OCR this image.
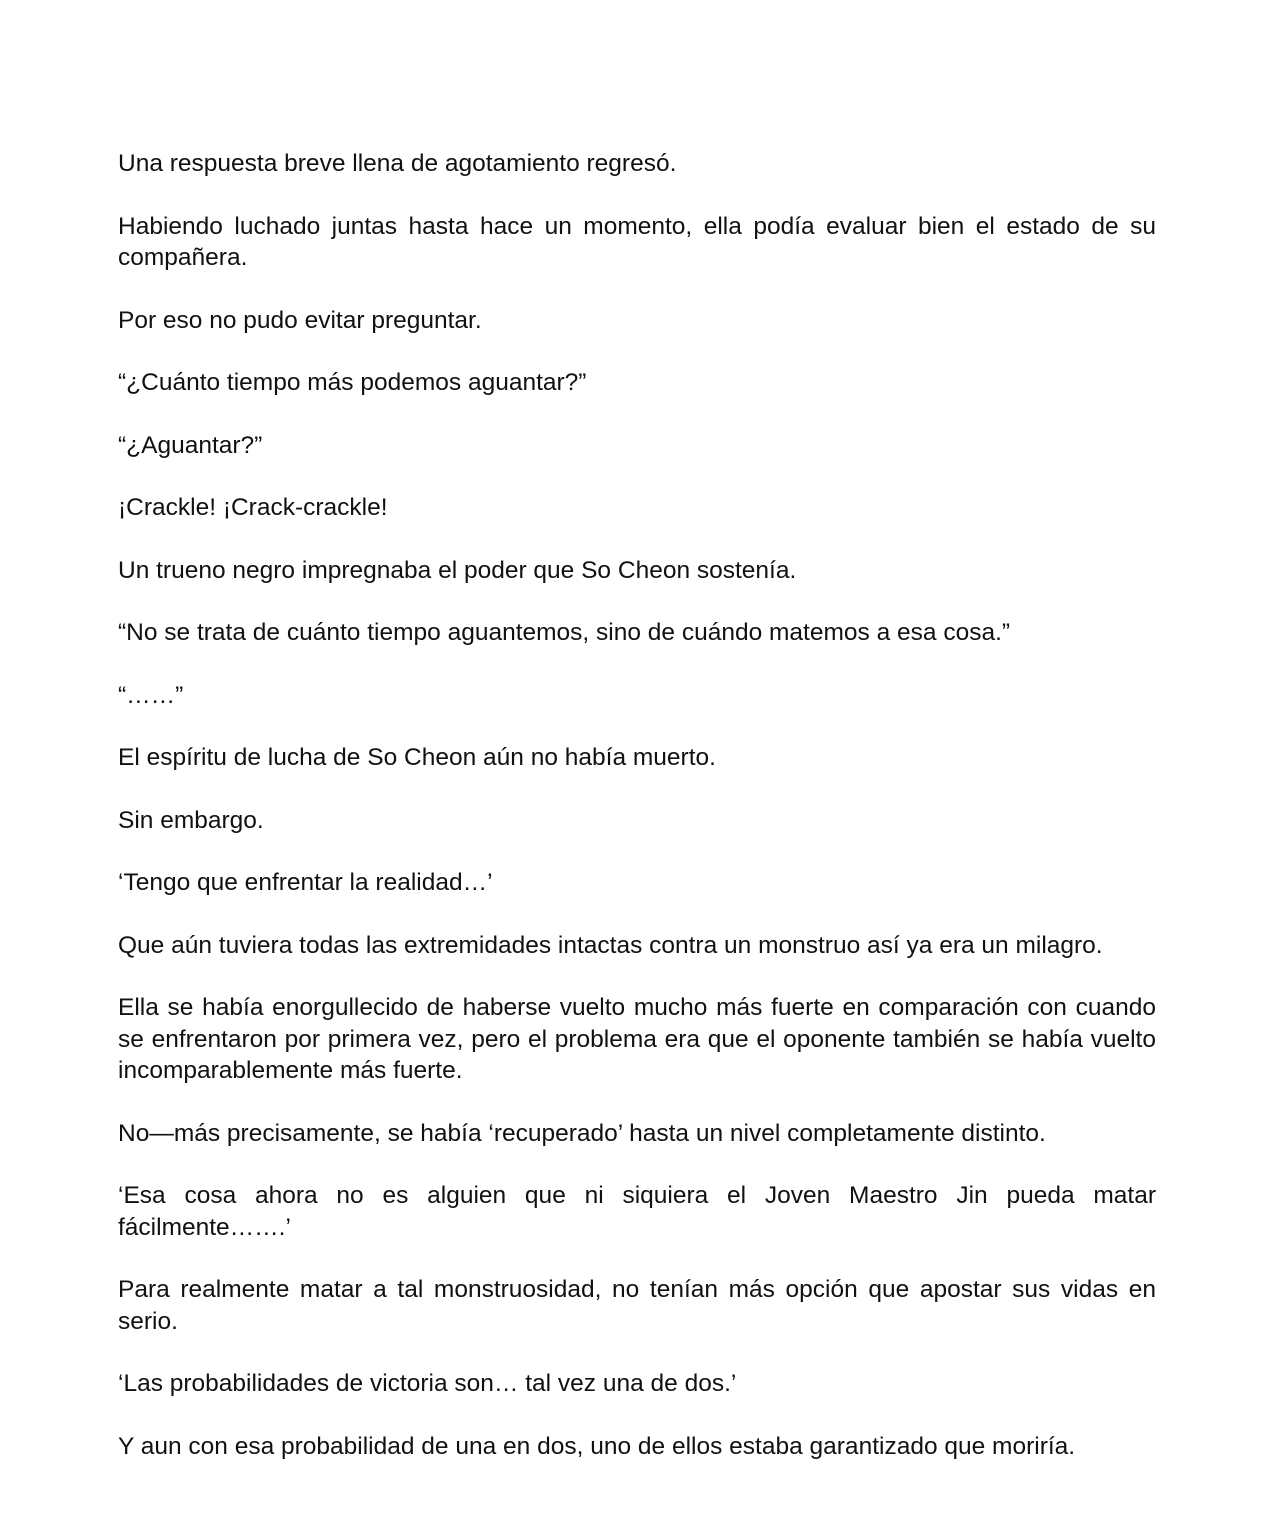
Una respuesta breve llena de agotamiento regresó.

Habiendo luchado juntas hasta hace un momento, ella podía evaluar bien el estado de su compañera.

Por eso no pudo evitar preguntar.

“¿Cuánto tiempo más podemos aguantar?”

“¿Aguantar?”

¡Crackle! ¡Crack-crackle!

Un trueno negro impregnaba el poder que So Cheon sostenía.

“No se trata de cuánto tiempo aguantemos, sino de cuándo matemos a esa cosa.”

“……”

El espíritu de lucha de So Cheon aún no había muerto.

Sin embargo.

‘Tengo que enfrentar la realidad…’

Que aún tuviera todas las extremidades intactas contra un monstruo así ya era un milagro.

Ella se había enorgullecido de haberse vuelto mucho más fuerte en comparación con cuando se enfrentaron por primera vez, pero el problema era que el oponente también se había vuelto incomparablemente más fuerte.

No—más precisamente, se había ‘recuperado’ hasta un nivel completamente distinto.

‘Esa cosa ahora no es alguien que ni siquiera el Joven Maestro Jin pueda matar fácilmente…….’

Para realmente matar a tal monstruosidad, no tenían más opción que apostar sus vidas en serio.

‘Las probabilidades de victoria son… tal vez una de dos.’

Y aun con esa probabilidad de una en dos, uno de ellos estaba garantizado que moriría.
